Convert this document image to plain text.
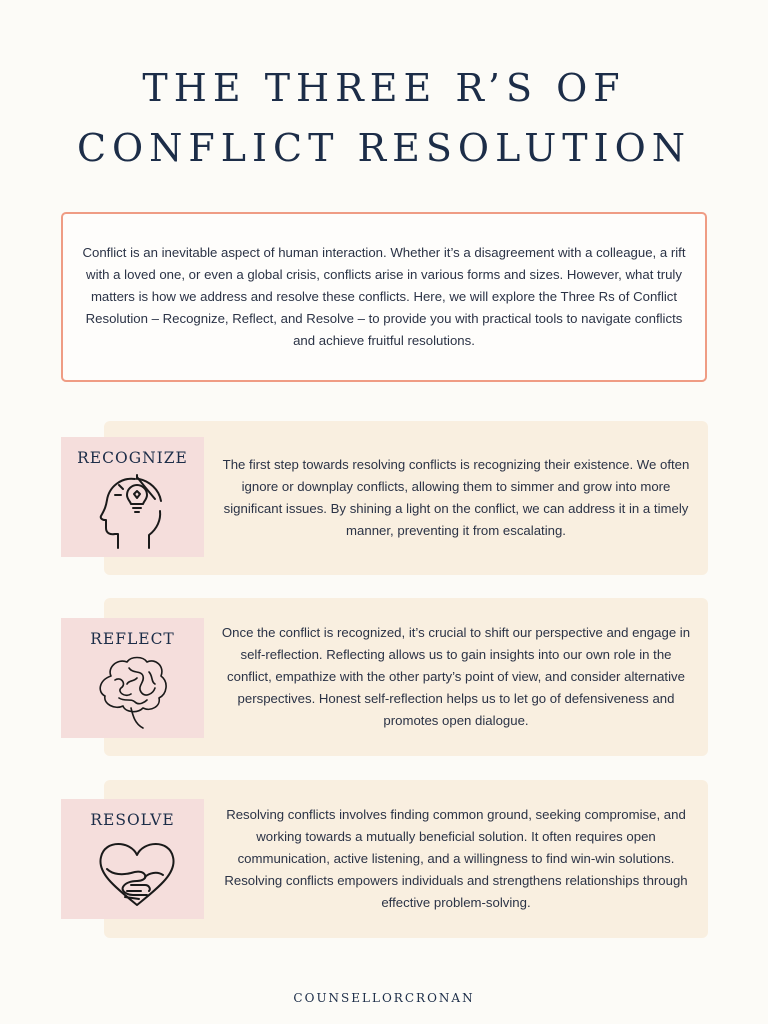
THE THREE R’S OF
CONFLICT RESOLUTION

Conflict is an inevitable aspect of human interaction. Whether it’s a disagreement with a colleague, a rift with a loved one, or even a global crisis, conflicts arise in various forms and sizes. However, what truly matters is how we address and resolve these conflicts. Here, we will explore the Three Rs of Conflict Resolution – Recognize, Reflect, and Resolve – to provide you with practical tools to navigate conflicts and achieve fruitful resolutions.

The first step towards resolving conflicts is recognizing their existence. We often ignore or downplay conflicts, allowing them to simmer and grow into more significant issues. By shining a light on the conflict, we can address it in a timely manner, preventing it from escalating.

RECOGNIZE

Once the conflict is recognized, it’s crucial to shift our perspective and engage in self-reflection. Reflecting allows us to gain insights into our own role in the conflict, empathize with the other party’s point of view, and consider alternative perspectives. Honest self-reflection helps us to let go of defensiveness and promotes open dialogue.

REFLECT

Resolving conflicts involves finding common ground, seeking compromise, and working towards a mutually beneficial solution. It often requires open communication, active listening, and a willingness to find win-win solutions. Resolving conflicts empowers individuals and strengthens relationships through effective problem-solving.

RESOLVE
COUNSELLORCRONAN
